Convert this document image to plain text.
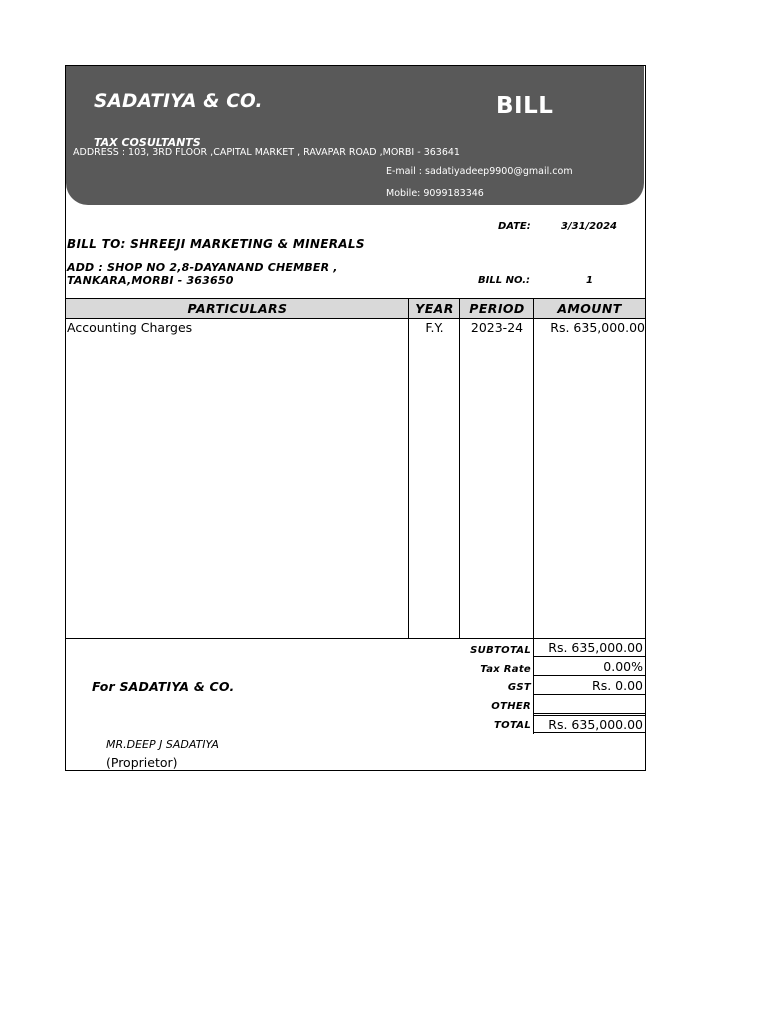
SADATIYA & CO.	BILL
TAX COSULTANTS
ADDRESS : 103, 3RD FLOOR ,CAPITAL MARKET , RAVAPAR ROAD ,MORBI - 363641
E-mail : sadatiyadeep9900@gmail.com
Mobile: 9099183346
DATE:	3/31/2024
BILL TO: SHREEJI MARKETING & MINERALS
ADD : SHOP NO 2,8-DAYANAND CHEMBER ,
TANKARA,MORBI - 363650	BILL NO.:	1
PARTICULARS	YEAR	PERIOD	AMOUNT
Accounting Charges	F.Y.	2023-24	Rs. 635,000.00
SUBTOTAL Rs. 635,000.00
Tax Rate	0.00%
GST	Rs. 0.00
OTHER
TOTAL Rs. 635,000.00
For SADATIYA & CO.
MR.DEEP J SADATIYA
(Proprietor)
